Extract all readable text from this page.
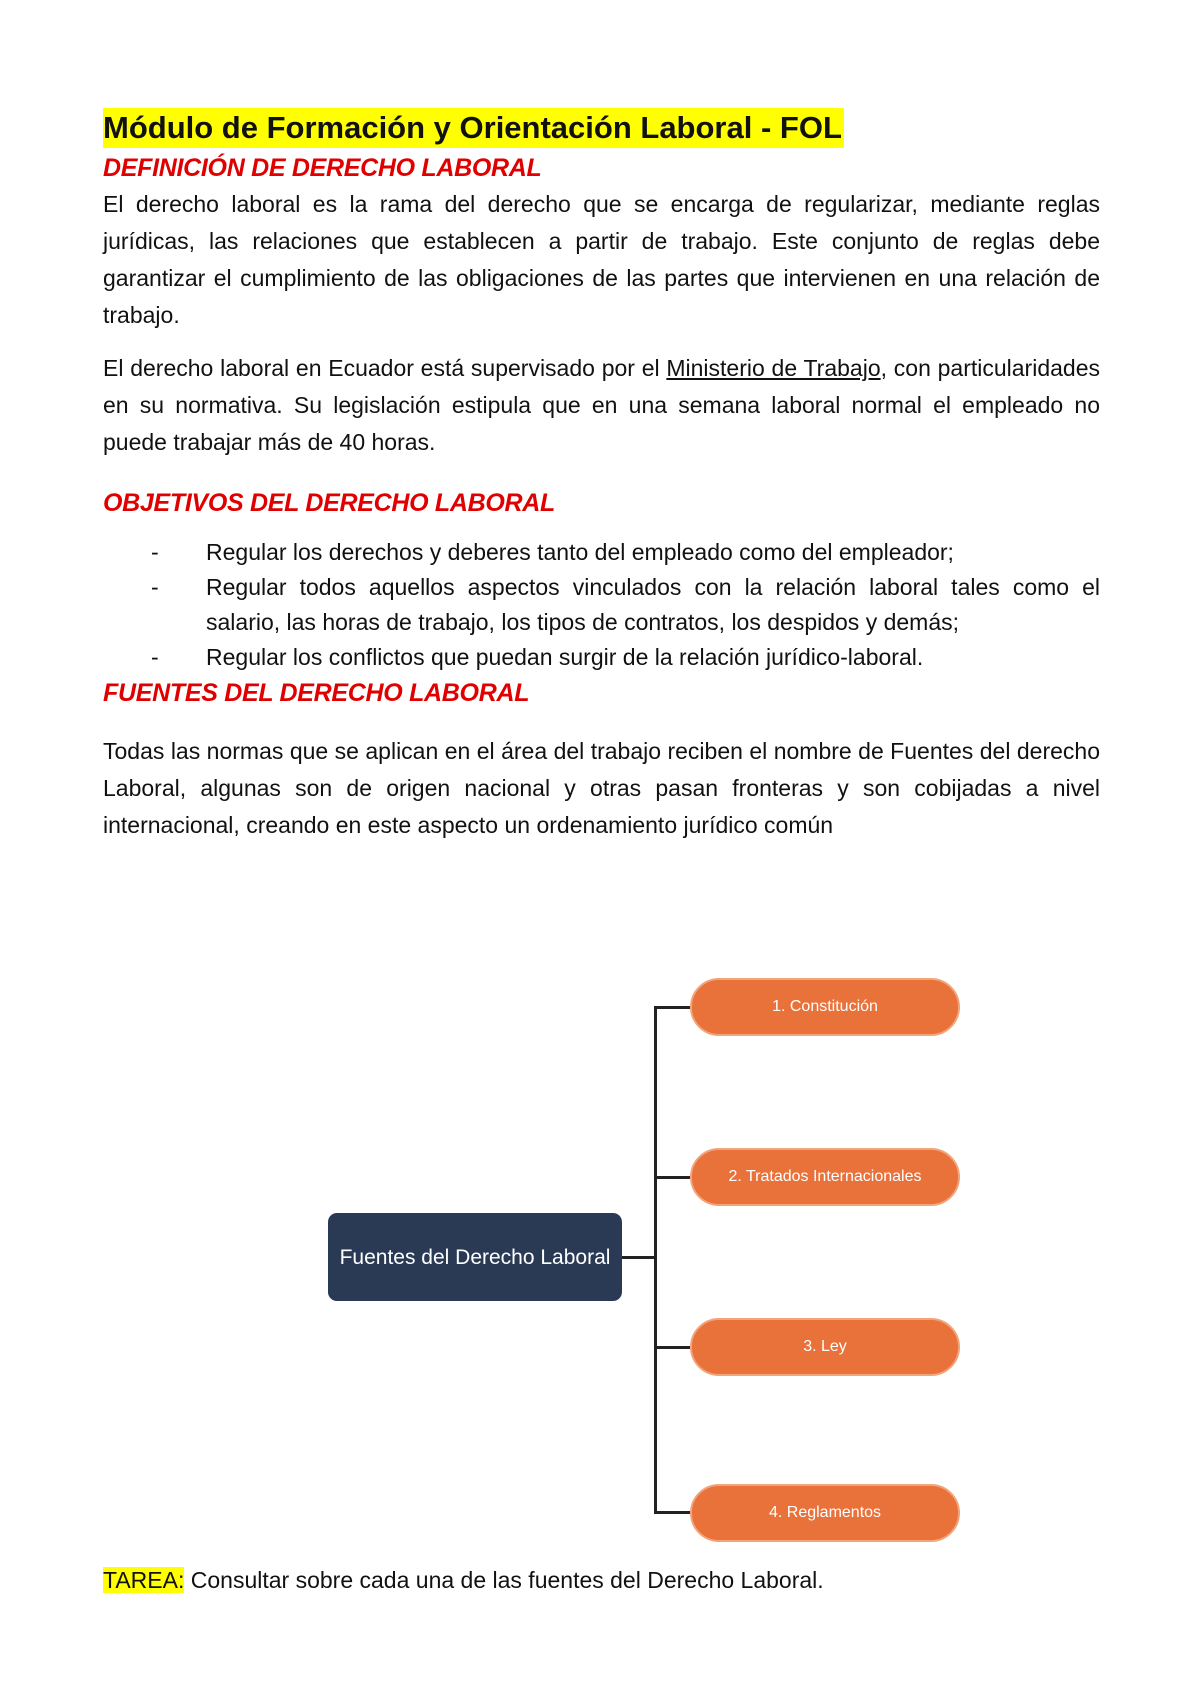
Módulo de Formación y Orientación Laboral - FOL
DEFINICIÓN DE DERECHO LABORAL

El derecho laboral es la rama del derecho que se encarga de regularizar, mediante reglas jurídicas, las relaciones que establecen a partir de trabajo. Este conjunto de reglas debe garantizar el cumplimiento de las obligaciones de las partes que intervienen en una relación de trabajo.

El derecho laboral en Ecuador está supervisado por el Ministerio de Trabajo, con particularidades en su normativa. Su legislación estipula que en una semana laboral normal el empleado no puede trabajar más de 40 horas.

OBJETIVOS DEL DERECHO LABORAL
- Regular los derechos y deberes tanto del empleado como del empleador;
- Regular todos aquellos aspectos vinculados con la relación laboral tales como el salario, las horas de trabajo, los tipos de contratos, los despidos y demás;
- Regular los conflictos que puedan surgir de la relación jurídico-laboral.
FUENTES DEL DERECHO LABORAL

Todas las normas que se aplican en el área del trabajo reciben el nombre de Fuentes del derecho Laboral, algunas son de origen nacional y otras pasan fronteras y son cobijadas a nivel internacional, creando en este aspecto un ordenamiento jurídico común

Fuentes del Derecho Laboral
1. Constitución
2. Tratados Internacionales
3. Ley
4. Reglamentos

TAREA: Consultar sobre cada una de las fuentes del Derecho Laboral.
